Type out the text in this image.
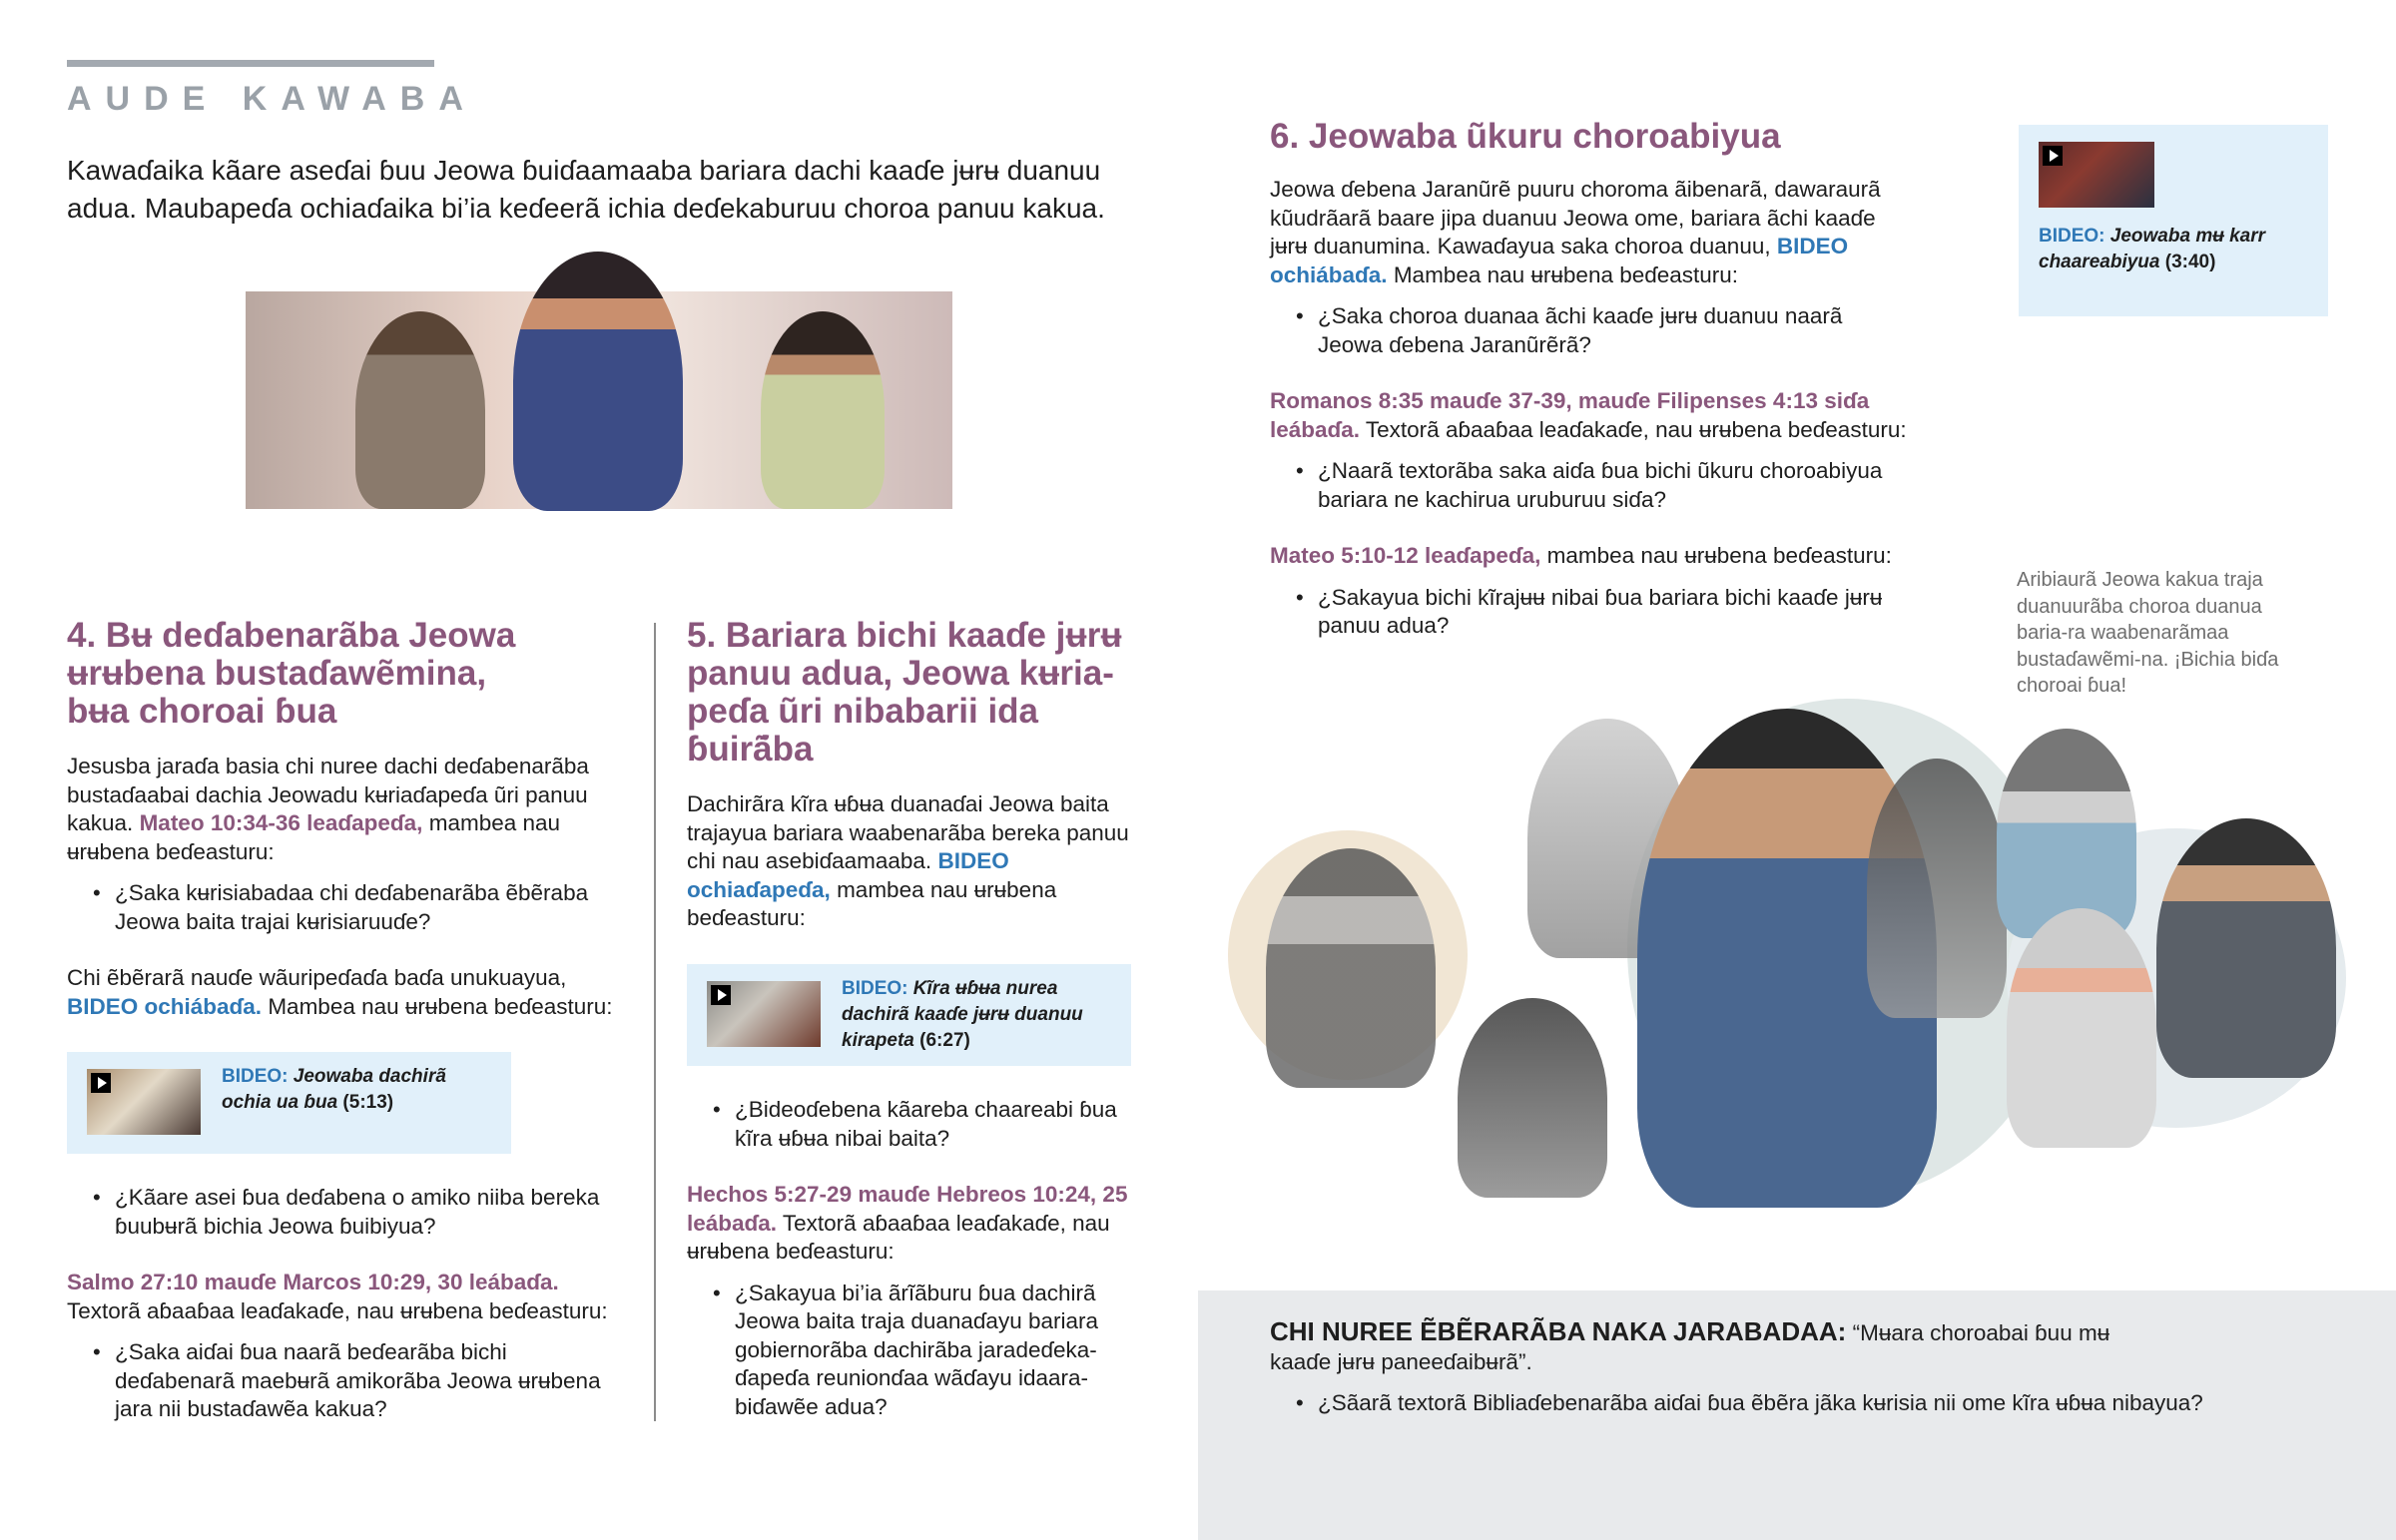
AUDE KAWABA
Kawaɗaika kãare aseɗai ɓuu Jeowa ɓuiɗaamaaba bariara dachi kaaɗe jʉrʉ duanuu adua. Maubapeɗa ochiaɗaika bi’ia keɗeerã ichia deɗekaburuu choroa panuu kakua.
4. Bʉ deɗabenarãba Jeowa
ʉrʉbena bustaɗawẽmina,
bʉa choroai ɓua

Jesusba jaraɗa basia chi nuree dachi deɗabenarãba bustaɗaabai dachia Jeowadu kʉriaɗapeɗa ũri panuu kakua. Mateo 10:34-36 leaɗapeɗa, mambea nau ʉrʉbena beɗeasturu:

• ¿Saka kʉrisiabadaa chi deɗabenarãba ẽbẽraba Jeowa baita trajai kʉrisiaruuɗe?

Chi ẽbẽrarã nauɗe wãuripeɗaɗa baɗa unukuayua, BIDEO ochiábaɗa. Mambea nau ʉrʉbena beɗeasturu:

BIDEO: Jeowaba dachirã ochia ua ɓua (5:13)
• ¿Kãare asei ɓua deɗabena o amiko niiba bereka ɓuubʉrã bichia Jeowa ɓuibiyua?

Salmo 27:10 mauɗe Marcos 10:29, 30 leábaɗa. Textorã aɓaaɓaa leaɗakaɗe, nau ʉrʉbena beɗeasturu:

• ¿Saka aiɗai ɓua naarã beɗearãba bichi deɗabenarã maebʉrã amikorãba Jeowa ʉrʉbena jara nii bustaɗawẽa kakua?
5. Bariara bichi kaaɗe jʉrʉ
panuu adua, Jeowa kʉria-
peɗa ũri nibabarii ida
ɓuirã́ba

Dachirãra kĩra ʉɓʉa duanaɗai Jeowa baita trajayua bariara waabenarãba bereka panuu chi nau asebiɗaamaaba. BIDEO ochiaɗapeɗa, mambea nau ʉrʉbena beɗeasturu:

BIDEO: Kĩra ʉɓʉa nurea dachirã kaaɗe jʉrʉ duanuu kirapeta (6:27)
• ¿Bideoɗebena kãareba chaareabi ɓua kĩra ʉɓʉa nibai baita?

Hechos 5:27-29 mauɗe Hebreos 10:24, 25 leábaɗa. Textorã aɓaaɓaa leaɗakaɗe, nau ʉrʉbena beɗeasturu:

• ¿Sakayua bi’ia ãrĩãburu ɓua dachirã Jeowa baita traja duanaɗayu bariara gobiernorãba dachirãba jaradeɗeka-ɗapeɗa reunionɗaa wãɗayu idaara-biɗawẽe adua?
6. Jeowaba ũkuru choroabiyua

Jeowa ɗebena Jaranũrẽ puuru choroma ãibenarã, dawaraurã kũudrãarã baare jipa duanuu Jeowa ome, bariara ãchi kaaɗe jʉrʉ duanumina. Kawaɗayua saka choroa duanuu, BIDEO ochiábaɗa. Mambea nau ʉrʉbena beɗeasturu:

• ¿Saka choroa duanaa ãchi kaaɗe jʉrʉ duanuu naarã Jeowa ɗebena Jaranũrẽrã?

Romanos 8:35 mauɗe 37-39, mauɗe Filipenses 4:13 siɗa leábaɗa. Textorã aɓaaɓaa leaɗakaɗe, nau ʉrʉbena beɗeasturu:

• ¿Naarã textorãba saka aiɗa ɓua bichi ũkuru choroabiyua bariara ne kachirua uruburuu siɗa?

Mateo 5:10-12 leaɗapeɗa, mambea nau ʉrʉbena beɗeasturu:

• ¿Sakayua bichi kĩrajʉʉ nibai ɓua bariara bichi kaaɗe jʉrʉ panuu adua?
BIDEO: Jeowaba mʉ karr chaareabiyua (3:40)
Aribiaurã Jeowa kakua traja duanuurãba choroa duanua baria-ra waabenarãmaa bustaɗawẽmi-na. ¡Bichia biɗa choroai ɓua!

CHI NUREE ẼBẼRARÃBA NAKA JARABADAA: “Mʉara choroabai ɓuu mʉ kaaɗe jʉrʉ paneeɗaibʉrã”.

• ¿Sãarã textorã Bibliaɗebenarãba aiɗai ɓua ẽbẽra jãka kʉrisia nii ome kĩra ʉɓʉa nibayua?
